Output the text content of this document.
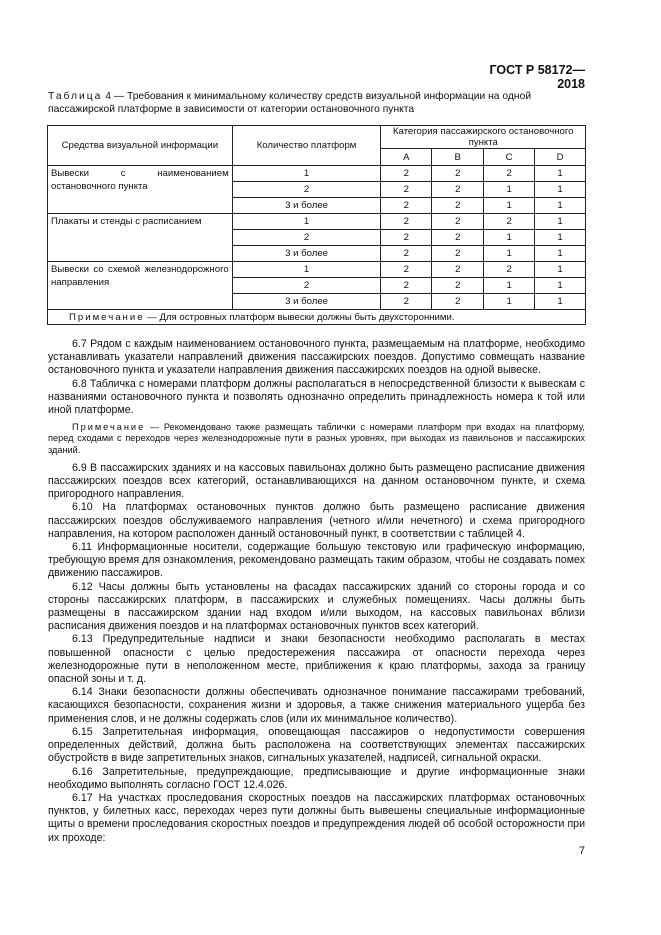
ГОСТ Р 58172—2018
Таблица 4 — Требования к минимальному количеству средств визуальной информации на одной пассажирской платформе в зависимости от категории остановочного пункта
Средства визуальной информации	Количество платформ	Категория пассажирского остановочного пункта			
		A	B	C	D
Вывески с наименованием остановочного пункта	1	2	2	2	1
	2	2	2	1	1
	3 и более	2	2	1	1
Плакаты и стенды с расписанием	1	2	2	2	1
	2	2	2	1	1
	3 и более	2	2	1	1
Вывески со схемой железнодорожного направления	1	2	2	2	1
	2	2	2	1	1
	3 и более	2	2	1	1
Примечание — Для островных платформ вывески должны быть двухсторонними.					

6.7 Рядом с каждым наименованием остановочного пункта, размещаемым на платформе, необходимо устанавливать указатели направлений движения пассажирских поездов. Допустимо совмещать название остановочного пункта и указатели направления движения пассажирских поездов на одной вывеске.

6.8 Табличка с номерами платформ должны располагаться в непосредственной близости к вывескам с названиями остановочного пункта и позволять однозначно определить принадлежность номера к той или иной платформе.

Примечание — Рекомендовано также размещать таблички с номерами платформ при входах на платформу, перед сходами с переходов через железнодорожные пути в разных уровнях, при выходах из павильонов и пассажирских зданий.

6.9 В пассажирских зданиях и на кассовых павильонах должно быть размещено расписание движения пассажирских поездов всех категорий, останавливающихся на данном остановочном пункте, и схема пригородного направления.

6.10 На платформах остановочных пунктов должно быть размещено расписание движения пассажирских поездов обслуживаемого направления (четного и/или нечетного) и схема пригородного направления, на котором расположен данный остановочный пункт, в соответствии с таблицей 4.

6.11 Информационные носители, содержащие большую текстовую или графическую информацию, требующую время для ознакомления, рекомендовано размещать таким образом, чтобы не создавать помех движению пассажиров.

6.12 Часы должны быть установлены на фасадах пассажирских зданий со стороны города и со стороны пассажирских платформ, в пассажирских и служебных помещениях. Часы должны быть размещены в пассажирском здании над входом и/или выходом, на кассовых павильонах вблизи расписания движения поездов и на платформах остановочных пунктов всех категорий.

6.13 Предупредительные надписи и знаки безопасности необходимо располагать в местах повышенной опасности с целью предостережения пассажира от опасности перехода через железнодорожные пути в неположенном месте, приближения к краю платформы, захода за границу опасной зоны и т. д.

6.14 Знаки безопасности должны обеспечивать однозначное понимание пассажирами требований, касающихся безопасности, сохранения жизни и здоровья, а также снижения материального ущерба без применения слов, и не должны содержать слов (или их минимальное количество).

6.15 Запретительная информация, оповещающая пассажиров о недопустимости совершения определенных действий, должна быть расположена на соответствующих элементах пассажирских обустройств в виде запретительных знаков, сигнальных указателей, надписей, сигнальной окраски.

6.16 Запретительные, предупреждающие, предписывающие и другие информационные знаки необходимо выполнять согласно ГОСТ 12.4.026.

6.17 На участках проследования скоростных поездов на пассажирских платформах остановочных пунктов, у билетных касс, переходах через пути должны быть вывешены специальные информационные щиты о времени проследования скоростных поездов и предупреждения людей об особой осторожности при их проходе:

7
